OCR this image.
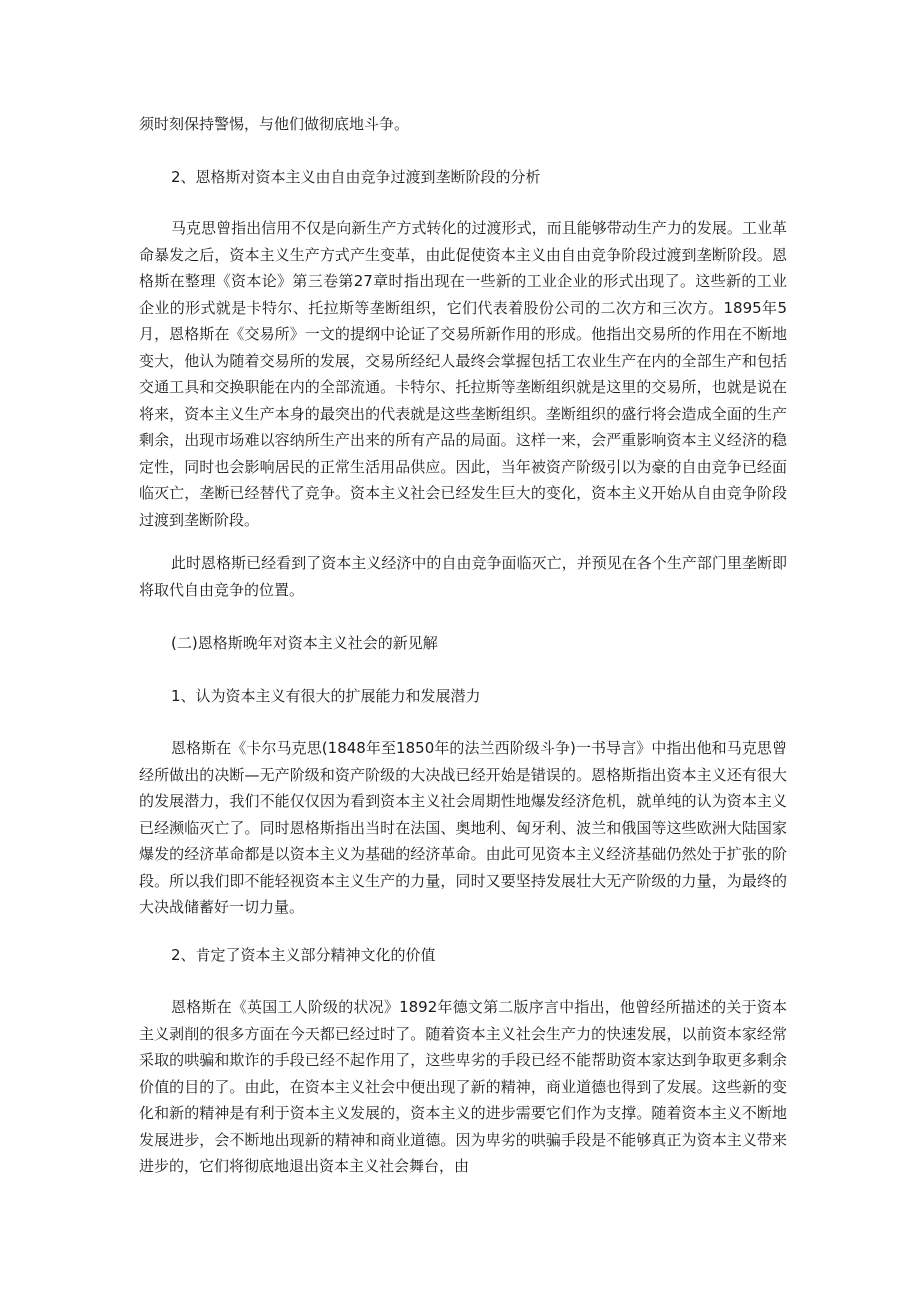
须时刻保持警惕，与他们做彻底地斗争。

2、恩格斯对资本主义由自由竞争过渡到垄断阶段的分析

马克思曾指出信用不仅是向新生产方式转化的过渡形式，而且能够带动生产力的发展。工业革命暴发之后，资本主义生产方式产生变革，由此促使资本主义由自由竞争阶段过渡到垄断阶段。恩格斯在整理《资本论》第三卷第27章时指出现在一些新的工业企业的形式出现了。这些新的工业企业的形式就是卡特尔、托拉斯等垄断组织，它们代表着股份公司的二次方和三次方。1895年5月，恩格斯在《交易所》一文的提纲中论证了交易所新作用的形成。他指出交易所的作用在不断地变大，他认为随着交易所的发展，交易所经纪人最终会掌握包括工农业生产在内的全部生产和包括交通工具和交换职能在内的全部流通。卡特尔、托拉斯等垄断组织就是这里的交易所，也就是说在将来，资本主义生产本身的最突出的代表就是这些垄断组织。垄断组织的盛行将会造成全面的生产剩余，出现市场难以容纳所生产出来的所有产品的局面。这样一来，会严重影响资本主义经济的稳定性，同时也会影响居民的正常生活用品供应。因此，当年被资产阶级引以为豪的自由竞争已经面临灭亡，垄断已经替代了竞争。资本主义社会已经发生巨大的变化，资本主义开始从自由竞争阶段过渡到垄断阶段。

此时恩格斯已经看到了资本主义经济中的自由竞争面临灭亡，并预见在各个生产部门里垄断即将取代自由竞争的位置。

(二)恩格斯晚年对资本主义社会的新见解

1、认为资本主义有很大的扩展能力和发展潜力

恩格斯在《卡尔马克思(1848年至1850年的法兰西阶级斗争)一书导言》中指出他和马克思曾经所做出的决断—无产阶级和资产阶级的大决战已经开始是错误的。恩格斯指出资本主义还有很大的发展潜力，我们不能仅仅因为看到资本主义社会周期性地爆发经济危机，就单纯的认为资本主义已经濒临灭亡了。同时恩格斯指出当时在法国、奥地利、匈牙利、波兰和俄国等这些欧洲大陆国家爆发的经济革命都是以资本主义为基础的经济革命。由此可见资本主义经济基础仍然处于扩张的阶段。所以我们即不能轻视资本主义生产的力量，同时又要坚持发展壮大无产阶级的力量，为最终的大决战储蓄好一切力量。

2、肯定了资本主义部分精神文化的价值

恩格斯在《英国工人阶级的状况》1892年德文第二版序言中指出，他曾经所描述的关于资本主义剥削的很多方面在今天都已经过时了。随着资本主义社会生产力的快速发展，以前资本家经常采取的哄骗和欺诈的手段已经不起作用了，这些卑劣的手段已经不能帮助资本家达到争取更多剩余价值的目的了。由此，在资本主义社会中便出现了新的精神，商业道德也得到了发展。这些新的变化和新的精神是有利于资本主义发展的，资本主义的进步需要它们作为支撑。随着资本主义不断地发展进步，会不断地出现新的精神和商业道德。因为卑劣的哄骗手段是不能够真正为资本主义带来进步的，它们将彻底地退出资本主义社会舞台，由
